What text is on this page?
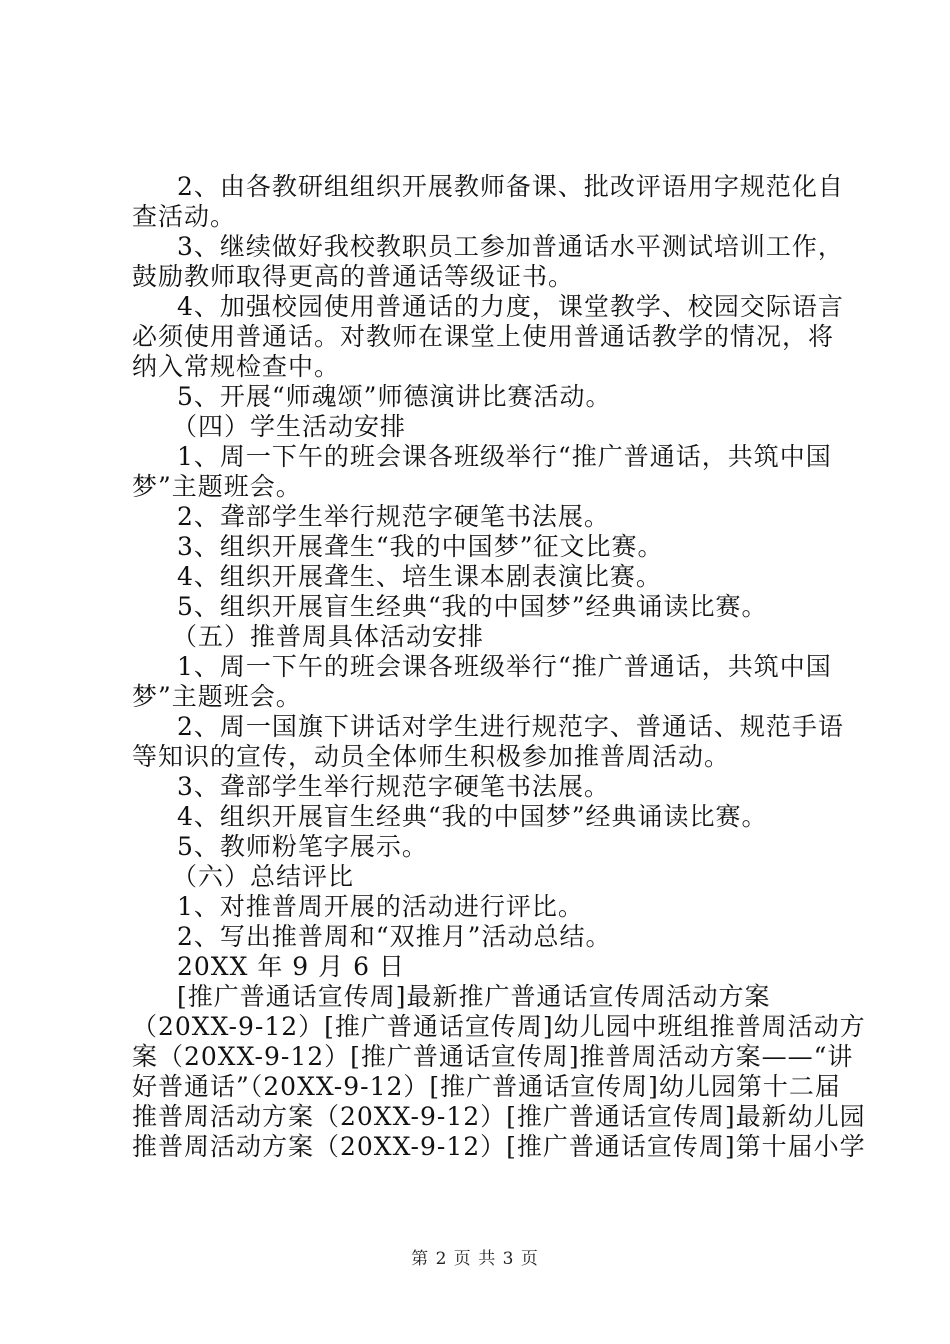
2、由各教研组组织开展教师备课、批改评语用字规范化自

查活动。

3、继续做好我校教职员工参加普通话水平测试培训工作，

鼓励教师取得更高的普通话等级证书。

4、加强校园使用普通话的力度，课堂教学、校园交际语言

必须使用普通话。对教师在课堂上使用普通话教学的情况，将

纳入常规检查中。

5、开展“师魂颂”师德演讲比赛活动。

（四）学生活动安排

1、周一下午的班会课各班级举行“推广普通话，共筑中国

梦”主题班会。

2、聋部学生举行规范字硬笔书法展。

3、组织开展聋生“我的中国梦”征文比赛。

4、组织开展聋生、培生课本剧表演比赛。

5、组织开展盲生经典“我的中国梦”经典诵读比赛。

（五）推普周具体活动安排

1、周一下午的班会课各班级举行“推广普通话，共筑中国

梦”主题班会。

2、周一国旗下讲话对学生进行规范字、普通话、规范手语

等知识的宣传，动员全体师生积极参加推普周活动。

3、聋部学生举行规范字硬笔书法展。

4、组织开展盲生经典“我的中国梦”经典诵读比赛。

5、教师粉笔字展示。

（六）总结评比

1、对推普周开展的活动进行评比。

2、写出推普周和“双推月”活动总结。

20XX 年 9 月 6 日

[推广普通话宣传周]最新推广普通话宣传周活动方案

（20XX-9-12）[推广普通话宣传周]幼儿园中班组推普周活动方

案（20XX-9-12）[推广普通话宣传周]推普周活动方案——“讲

好普通话”（20XX-9-12）[推广普通话宣传周]幼儿园第十二届

推普周活动方案（20XX-9-12）[推广普通话宣传周]最新幼儿园

推普周活动方案（20XX-9-12）[推广普通话宣传周]第十届小学

第 2 页 共 3 页
